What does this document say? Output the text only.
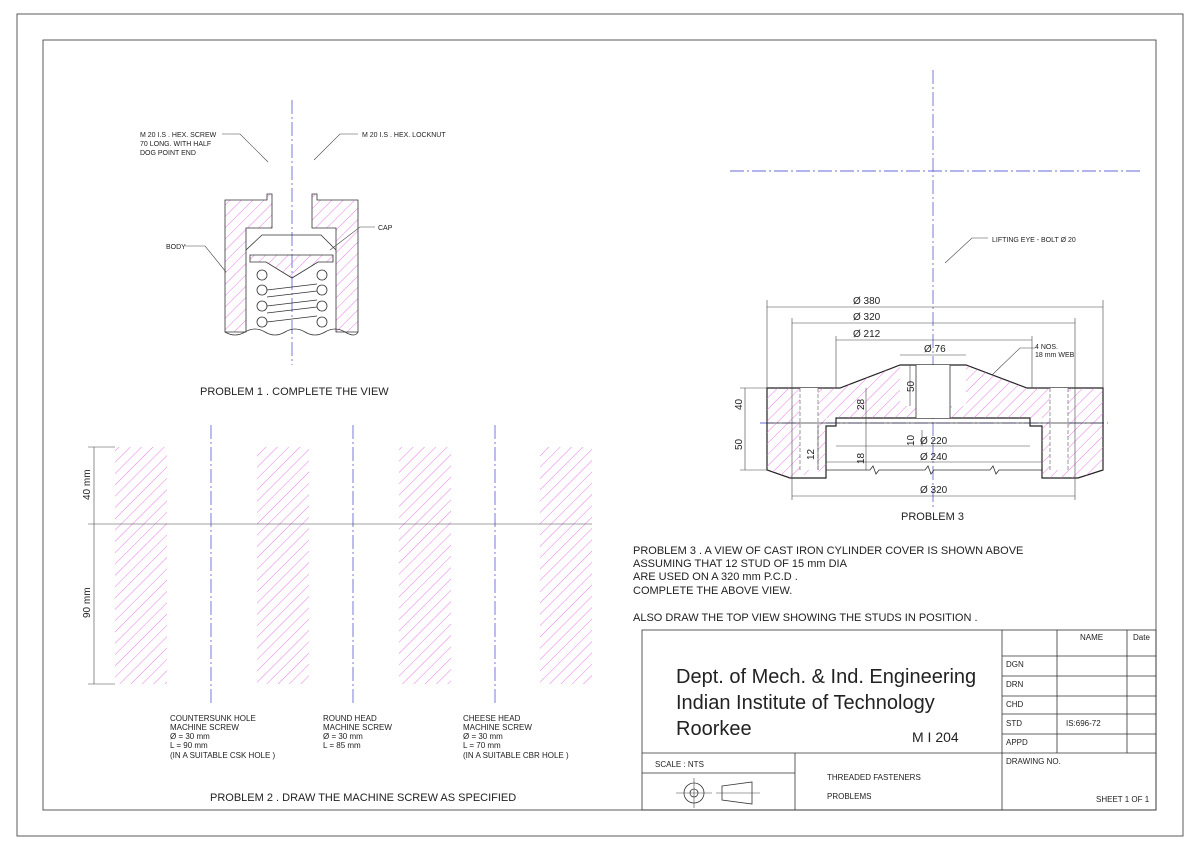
M 20 I.S . HEX. SCREW
70 LONG. WITH HALF
DOG POINT END
M 20 I.S . HEX. LOCKNUT
CAP
BODY
PROBLEM 1 . COMPLETE THE VIEW
40 mm
90 mm
COUNTERSUNK HOLE
MACHINE SCREW
Ø = 30 mm
L = 90 mm
(IN A SUITABLE CSK HOLE )
ROUND HEAD
MACHINE SCREW
Ø = 30 mm
L = 85 mm
CHEESE HEAD
MACHINE SCREW
Ø = 30 mm
L = 70 mm
(IN A SUITABLE CBR HOLE )
PROBLEM 2 . DRAW THE MACHINE SCREW AS SPECIFIED
LIFTING EYE - BOLT Ø 20
4 NOS.
18 mm WEB
Ø 380
Ø 320
Ø 212
Ø 76
Ø 220
Ø 240
Ø 320
50
28
10
18
12
40
50
PROBLEM 3
PROBLEM 3 . A VIEW OF CAST IRON CYLINDER COVER IS SHOWN ABOVE
ASSUMING THAT 12 STUD OF 15 mm DIA
ARE USED ON A 320 mm P.C.D .
COMPLETE THE ABOVE VIEW.
ALSO DRAW THE TOP VIEW SHOWING THE STUDS IN POSITION .
Dept. of Mech. & Ind. Engineering
Indian Institute of Technology
Roorkee	M I 204
NAME	Date
DGN
DRN
CHD
STD
APPD
IS:696-72
SCALE : NTS
THREADED FASTENERS
PROBLEMS
DRAWING NO.
SHEET 1 OF 1
